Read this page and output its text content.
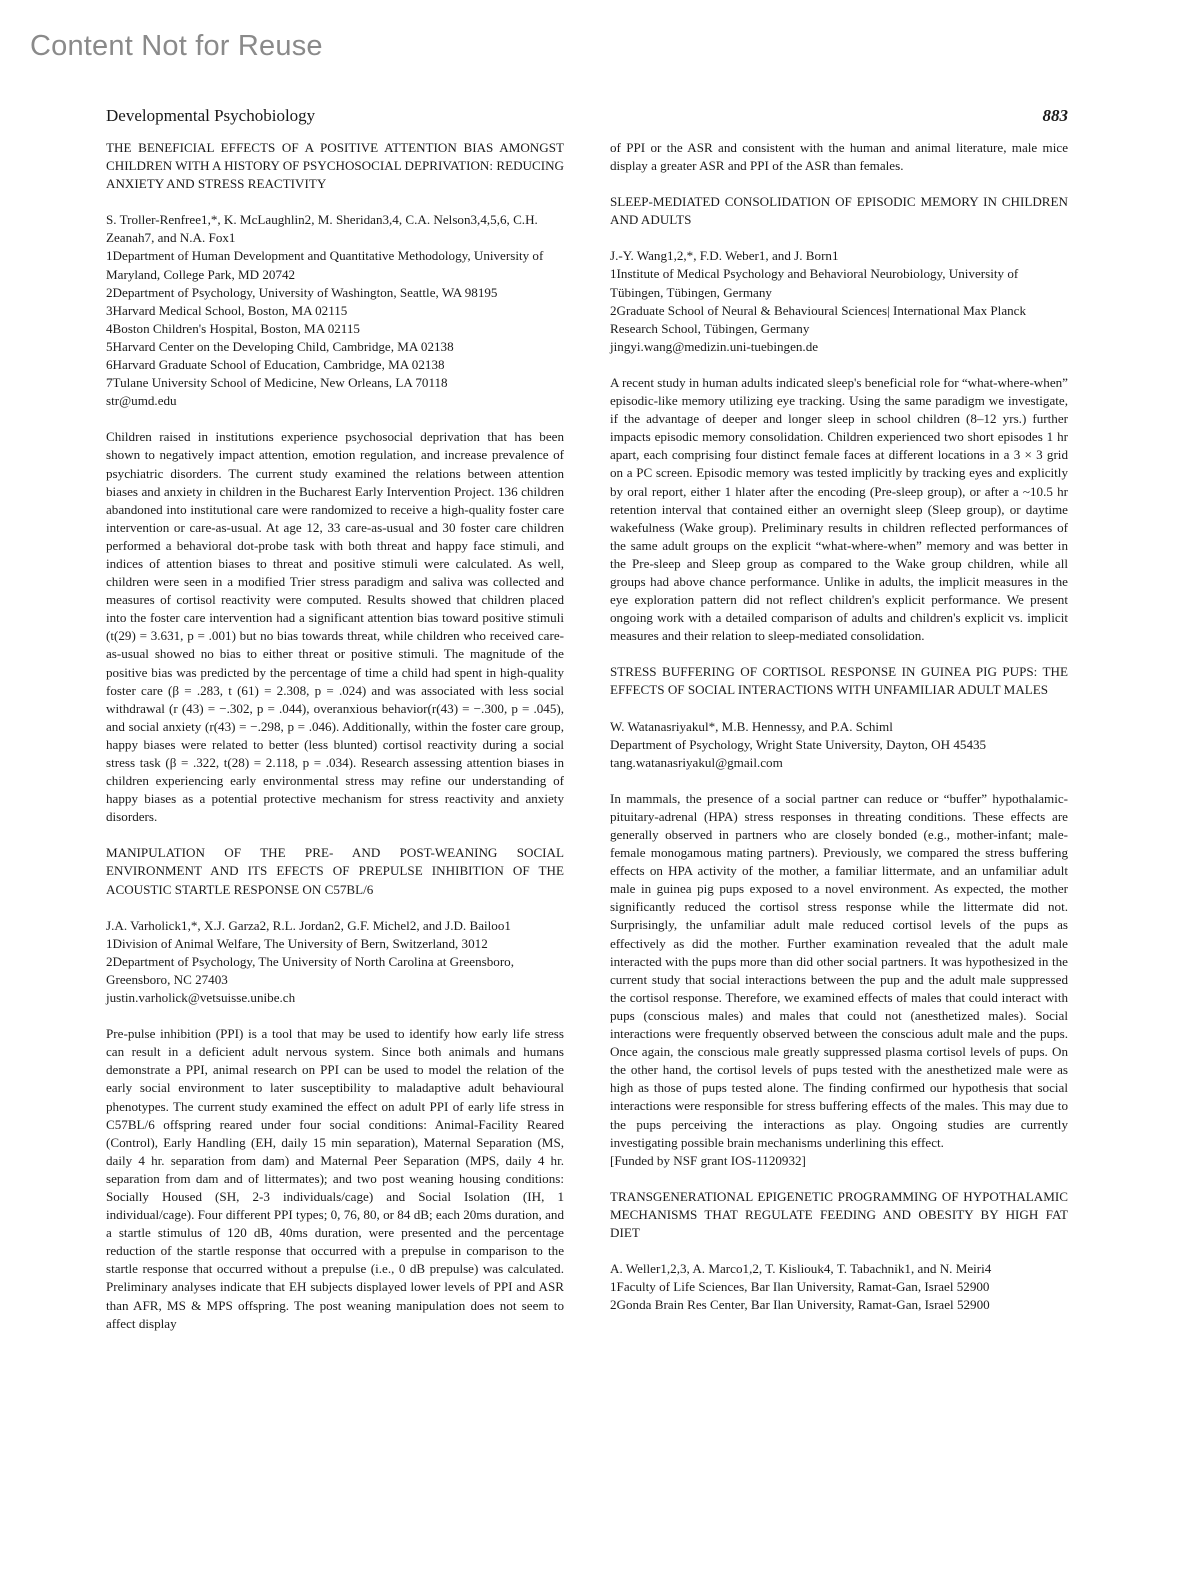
Content Not for Reuse
Developmental Psychobiology	883

THE BENEFICIAL EFFECTS OF A POSITIVE ATTENTION BIAS AMONGST CHILDREN WITH A HISTORY OF PSYCHOSOCIAL DEPRIVATION: REDUCING ANXIETY AND STRESS REACTIVITY

S. Troller-Renfree1,*, K. McLaughlin2, M. Sheridan3,4, C.A. Nelson3,4,5,6, C.H. Zeanah7, and N.A. Fox1

1Department of Human Development and Quantitative Methodology, University of Maryland, College Park, MD 20742

2Department of Psychology, University of Washington, Seattle, WA 98195

3Harvard Medical School, Boston, MA 02115

4Boston Children's Hospital, Boston, MA 02115

5Harvard Center on the Developing Child, Cambridge, MA 02138

6Harvard Graduate School of Education, Cambridge, MA 02138

7Tulane University School of Medicine, New Orleans, LA 70118

str@umd.edu

Children raised in institutions experience psychosocial deprivation that has been shown to negatively impact attention, emotion regulation, and increase prevalence of psychiatric disorders. The current study examined the relations between attention biases and anxiety in children in the Bucharest Early Intervention Project. 136 children abandoned into institutional care were randomized to receive a high-quality foster care intervention or care-as-usual. At age 12, 33 care-as-usual and 30 foster care children performed a behavioral dot-probe task with both threat and happy face stimuli, and indices of attention biases to threat and positive stimuli were calculated. As well, children were seen in a modified Trier stress paradigm and saliva was collected and measures of cortisol reactivity were computed. Results showed that children placed into the foster care intervention had a significant attention bias toward positive stimuli (t(29) = 3.631, p = .001) but no bias towards threat, while children who received care-as-usual showed no bias to either threat or positive stimuli. The magnitude of the positive bias was predicted by the percentage of time a child had spent in high-quality foster care (β = .283, t (61) = 2.308, p = .024) and was associated with less social withdrawal (r (43) = −.302, p = .044), overanxious behavior(r(43) = −.300, p = .045), and social anxiety (r(43) = −.298, p = .046). Additionally, within the foster care group, happy biases were related to better (less blunted) cortisol reactivity during a social stress task (β = .322, t(28) = 2.118, p = .034). Research assessing attention biases in children experiencing early environmental stress may refine our understanding of happy biases as a potential protective mechanism for stress reactivity and anxiety disorders.

MANIPULATION OF THE PRE- AND POST-WEANING SOCIAL ENVIRONMENT AND ITS EFECTS OF PREPULSE INHIBITION OF THE ACOUSTIC STARTLE RESPONSE ON C57BL/6

J.A. Varholick1,*, X.J. Garza2, R.L. Jordan2, G.F. Michel2, and J.D. Bailoo1

1Division of Animal Welfare, The University of Bern, Switzerland, 3012

2Department of Psychology, The University of North Carolina at Greensboro, Greensboro, NC 27403

justin.varholick@vetsuisse.unibe.ch

Pre-pulse inhibition (PPI) is a tool that may be used to identify how early life stress can result in a deficient adult nervous system. Since both animals and humans demonstrate a PPI, animal research on PPI can be used to model the relation of the early social environment to later susceptibility to maladaptive adult behavioural phenotypes. The current study examined the effect on adult PPI of early life stress in C57BL/6 offspring reared under four social conditions: Animal-Facility Reared (Control), Early Handling (EH, daily 15 min separation), Maternal Separation (MS, daily 4 hr. separation from dam) and Maternal Peer Separation (MPS, daily 4 hr. separation from dam and of littermates); and two post weaning housing conditions: Socially Housed (SH, 2-3 individuals/cage) and Social Isolation (IH, 1 individual/cage). Four different PPI types; 0, 76, 80, or 84 dB; each 20ms duration, and a startle stimulus of 120 dB, 40ms duration, were presented and the percentage reduction of the startle response that occurred with a prepulse in comparison to the startle response that occurred without a prepulse (i.e., 0 dB prepulse) was calculated. Preliminary analyses indicate that EH subjects displayed lower levels of PPI and ASR than AFR, MS & MPS offspring. The post weaning manipulation does not seem to affect display

of PPI or the ASR and consistent with the human and animal literature, male mice display a greater ASR and PPI of the ASR than females.

SLEEP-MEDIATED CONSOLIDATION OF EPISODIC MEMORY IN CHILDREN AND ADULTS

J.-Y. Wang1,2,*, F.D. Weber1, and J. Born1

1Institute of Medical Psychology and Behavioral Neurobiology, University of Tübingen, Tübingen, Germany

2Graduate School of Neural & Behavioural Sciences| International Max Planck Research School, Tübingen, Germany

jingyi.wang@medizin.uni-tuebingen.de

A recent study in human adults indicated sleep's beneficial role for “what-where-when” episodic-like memory utilizing eye tracking. Using the same paradigm we investigate, if the advantage of deeper and longer sleep in school children (8–12 yrs.) further impacts episodic memory consolidation. Children experienced two short episodes 1 hr apart, each comprising four distinct female faces at different locations in a 3 × 3 grid on a PC screen. Episodic memory was tested implicitly by tracking eyes and explicitly by oral report, either 1 hlater after the encoding (Pre-sleep group), or after a ~10.5 hr retention interval that contained either an overnight sleep (Sleep group), or daytime wakefulness (Wake group). Preliminary results in children reflected performances of the same adult groups on the explicit “what-where-when” memory and was better in the Pre-sleep and Sleep group as compared to the Wake group children, while all groups had above chance performance. Unlike in adults, the implicit measures in the eye exploration pattern did not reflect children's explicit performance. We present ongoing work with a detailed comparison of adults and children's explicit vs. implicit measures and their relation to sleep-mediated consolidation.

STRESS BUFFERING OF CORTISOL RESPONSE IN GUINEA PIG PUPS: THE EFFECTS OF SOCIAL INTERACTIONS WITH UNFAMILIAR ADULT MALES

W. Watanasriyakul*, M.B. Hennessy, and P.A. Schiml

Department of Psychology, Wright State University, Dayton, OH 45435

tang.watanasriyakul@gmail.com

In mammals, the presence of a social partner can reduce or “buffer” hypothalamic-pituitary-adrenal (HPA) stress responses in threating conditions. These effects are generally observed in partners who are closely bonded (e.g., mother-infant; male-female monogamous mating partners). Previously, we compared the stress buffering effects on HPA activity of the mother, a familiar littermate, and an unfamiliar adult male in guinea pig pups exposed to a novel environment. As expected, the mother significantly reduced the cortisol stress response while the littermate did not. Surprisingly, the unfamiliar adult male reduced cortisol levels of the pups as effectively as did the mother. Further examination revealed that the adult male interacted with the pups more than did other social partners. It was hypothesized in the current study that social interactions between the pup and the adult male suppressed the cortisol response. Therefore, we examined effects of males that could interact with pups (conscious males) and males that could not (anesthetized males). Social interactions were frequently observed between the conscious adult male and the pups. Once again, the conscious male greatly suppressed plasma cortisol levels of pups. On the other hand, the cortisol levels of pups tested with the anesthetized male were as high as those of pups tested alone. The finding confirmed our hypothesis that social interactions were responsible for stress buffering effects of the males. This may due to the pups perceiving the interactions as play. Ongoing studies are currently investigating possible brain mechanisms underlining this effect.

[Funded by NSF grant IOS-1120932]

TRANSGENERATIONAL EPIGENETIC PROGRAMMING OF HYPOTHALAMIC MECHANISMS THAT REGULATE FEEDING AND OBESITY BY HIGH FAT DIET

A. Weller1,2,3, A. Marco1,2, T. Kisliouk4, T. Tabachnik1, and N. Meiri4

1Faculty of Life Sciences, Bar Ilan University, Ramat-Gan, Israel 52900

2Gonda Brain Res Center, Bar Ilan University, Ramat-Gan, Israel 52900
